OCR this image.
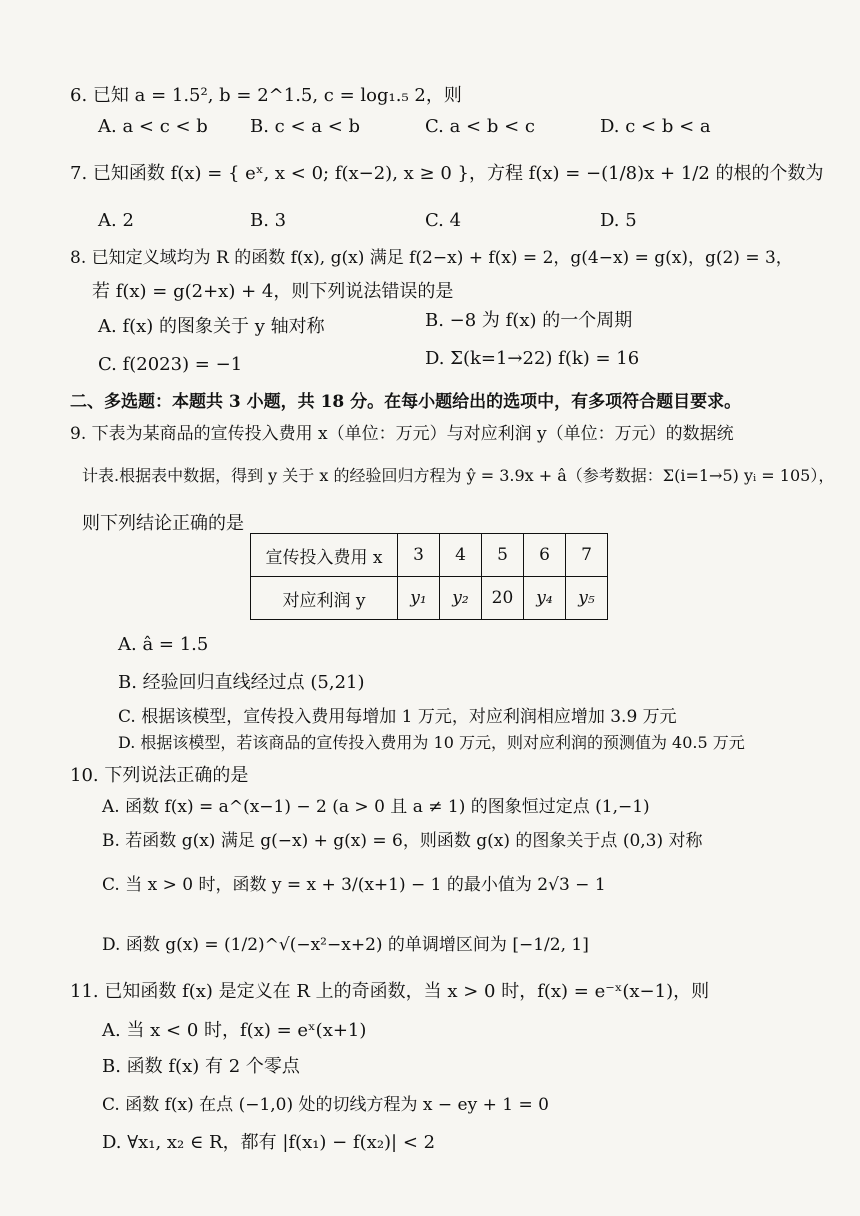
6. 已知 a = 1.5², b = 2^1.5, c = log₁.₅ 2，则
A. a < c < b B. c < a < b	C. a < b < c	D. c < b < a
7. 已知函数 f(x) = { eˣ, x < 0; f(x−2), x ≥ 0 }，方程 f(x) = −(1/8)x + 1/2 的根的个数为
A. 2	B. 3	C. 4	D. 5
8. 已知定义域均为 R 的函数 f(x), g(x) 满足 f(2−x) + f(x) = 2，g(4−x) = g(x)，g(2) = 3，
若 f(x) = g(2+x) + 4，则下列说法错误的是
A. f(x) 的图象关于 y 轴对称	B. −8 为 f(x) 的一个周期
C. f(2023) = −1	D. Σ(k=1→22) f(k) = 16
二、多选题：本题共 3 小题，共 18 分。在每小题给出的选项中，有多项符合题目要求。
9. 下表为某商品的宣传投入费用 x（单位：万元）与对应利润 y（单位：万元）的数据统
计表.根据表中数据，得到 y 关于 x 的经验回归方程为 ŷ = 3.9x + â（参考数据：Σ(i=1→5) yᵢ = 105），
则下列结论正确的是
宣传投入费用 x	3	4	5	6	7
对应利润 y	y₁	y₂	20	y₄	y₅
A. â = 1.5
B. 经验回归直线经过点 (5,21)
C. 根据该模型，宣传投入费用每增加 1 万元，对应利润相应增加 3.9 万元
D. 根据该模型，若该商品的宣传投入费用为 10 万元，则对应利润的预测值为 40.5 万元
10. 下列说法正确的是
A. 函数 f(x) = a^(x−1) − 2 (a > 0 且 a ≠ 1) 的图象恒过定点 (1,−1)
B. 若函数 g(x) 满足 g(−x) + g(x) = 6，则函数 g(x) 的图象关于点 (0,3) 对称
C. 当 x > 0 时，函数 y = x + 3/(x+1) − 1 的最小值为 2√3 − 1
D. 函数 g(x) = (1/2)^√(−x²−x+2) 的单调增区间为 [−1/2, 1]
11. 已知函数 f(x) 是定义在 R 上的奇函数，当 x > 0 时，f(x) = e⁻ˣ(x−1)，则
A. 当 x < 0 时，f(x) = eˣ(x+1)
B. 函数 f(x) 有 2 个零点
C. 函数 f(x) 在点 (−1,0) 处的切线方程为 x − ey + 1 = 0
D. ∀x₁, x₂ ∈ R，都有 |f(x₁) − f(x₂)| < 2
